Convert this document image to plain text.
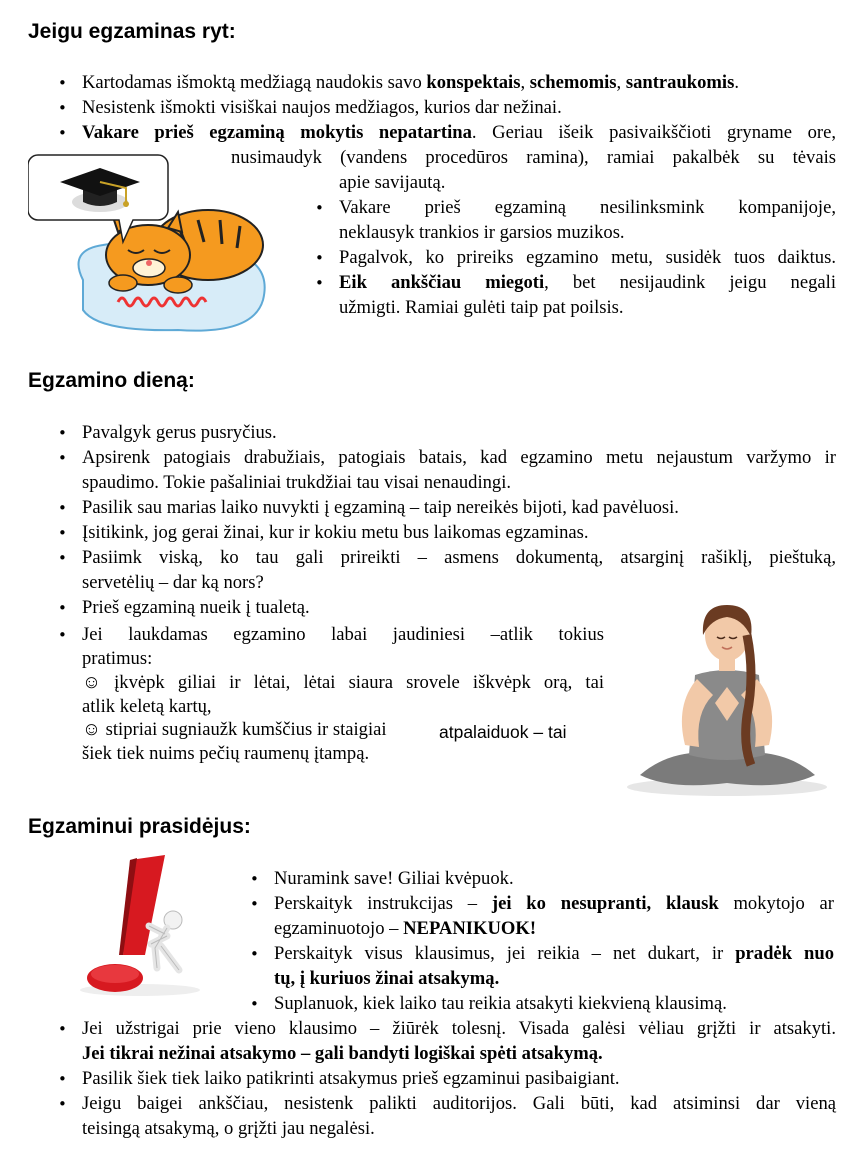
Jeigu egzaminas ryt:

• Kartodamas išmoktą medžiagą naudokis savo konspektais, schemomis, santraukomis.

• Nesistenk išmokti visiškai naujos medžiagos, kurios dar nežinai.

• Vakare prieš egzaminą mokytis nepatartina. Geriau išeik pasivaikščioti gryname ore,

nusimaudyk (vandens procedūros ramina), ramiai pakalbėk su tėvais

apie savijautą.

• Vakare prieš egzaminą nesilinksmink kompanijoje,

neklausyk trankios ir garsios muzikos.

• Pagalvok, ko prireiks egzamino metu, susidėk tuos daiktus.

• Eik ankščiau miegoti, bet nesijaudink jeigu negali

užmigti. Ramiai gulėti taip pat poilsis.

Egzamino dieną:

• Pavalgyk gerus pusryčius.

• Apsirenk patogiais drabužiais, patogiais batais, kad egzamino metu nejaustum varžymo ir

spaudimo. Tokie pašaliniai trukdžiai tau visai nenaudingi.

• Pasilik sau marias laiko nuvykti į egzaminą – taip nereikės bijoti, kad pavėluosi.

• Įsitikink, jog gerai žinai, kur ir kokiu metu bus laikomas egzaminas.

• Pasiimk viską, ko tau gali prireikti – asmens dokumentą, atsarginį rašiklį, pieštuką,

servetėlių – dar ką nors?

• Prieš egzaminą nueik į tualetą.

• Jei laukdamas egzamino labai jaudiniesi –atlik tokius

pratimus:

☺ įkvėpk giliai ir lėtai, lėtai siaura srovele iškvėpk orą, tai

atlik keletą kartų,

☺ stipriai sugniaužk kumščius ir staigiai	atpalaiduok – tai

šiek tiek nuims pečių raumenų įtampą.

Egzaminui prasidėjus:

• Nuramink save! Giliai kvėpuok.

• Perskaityk instrukcijas – jei ko nesupranti, klausk mokytojo ar

egzaminuotojo – NEPANIKUOK!

• Perskaityk visus klausimus, jei reikia – net dukart, ir pradėk nuo

tų, į kuriuos žinai atsakymą.

• Suplanuok, kiek laiko tau reikia atsakyti kiekvieną klausimą.

• Jei užstrigai prie vieno klausimo – žiūrėk tolesnį. Visada galėsi vėliau grįžti ir atsakyti.

Jei tikrai nežinai atsakymo – gali bandyti logiškai spėti atsakymą.

• Pasilik šiek tiek laiko patikrinti atsakymus prieš egzaminui pasibaigiant.

• Jeigu baigei ankščiau, nesistenk palikti auditorijos. Gali būti, kad atsiminsi dar vieną

teisingą atsakymą, o grįžti jau negalėsi.
